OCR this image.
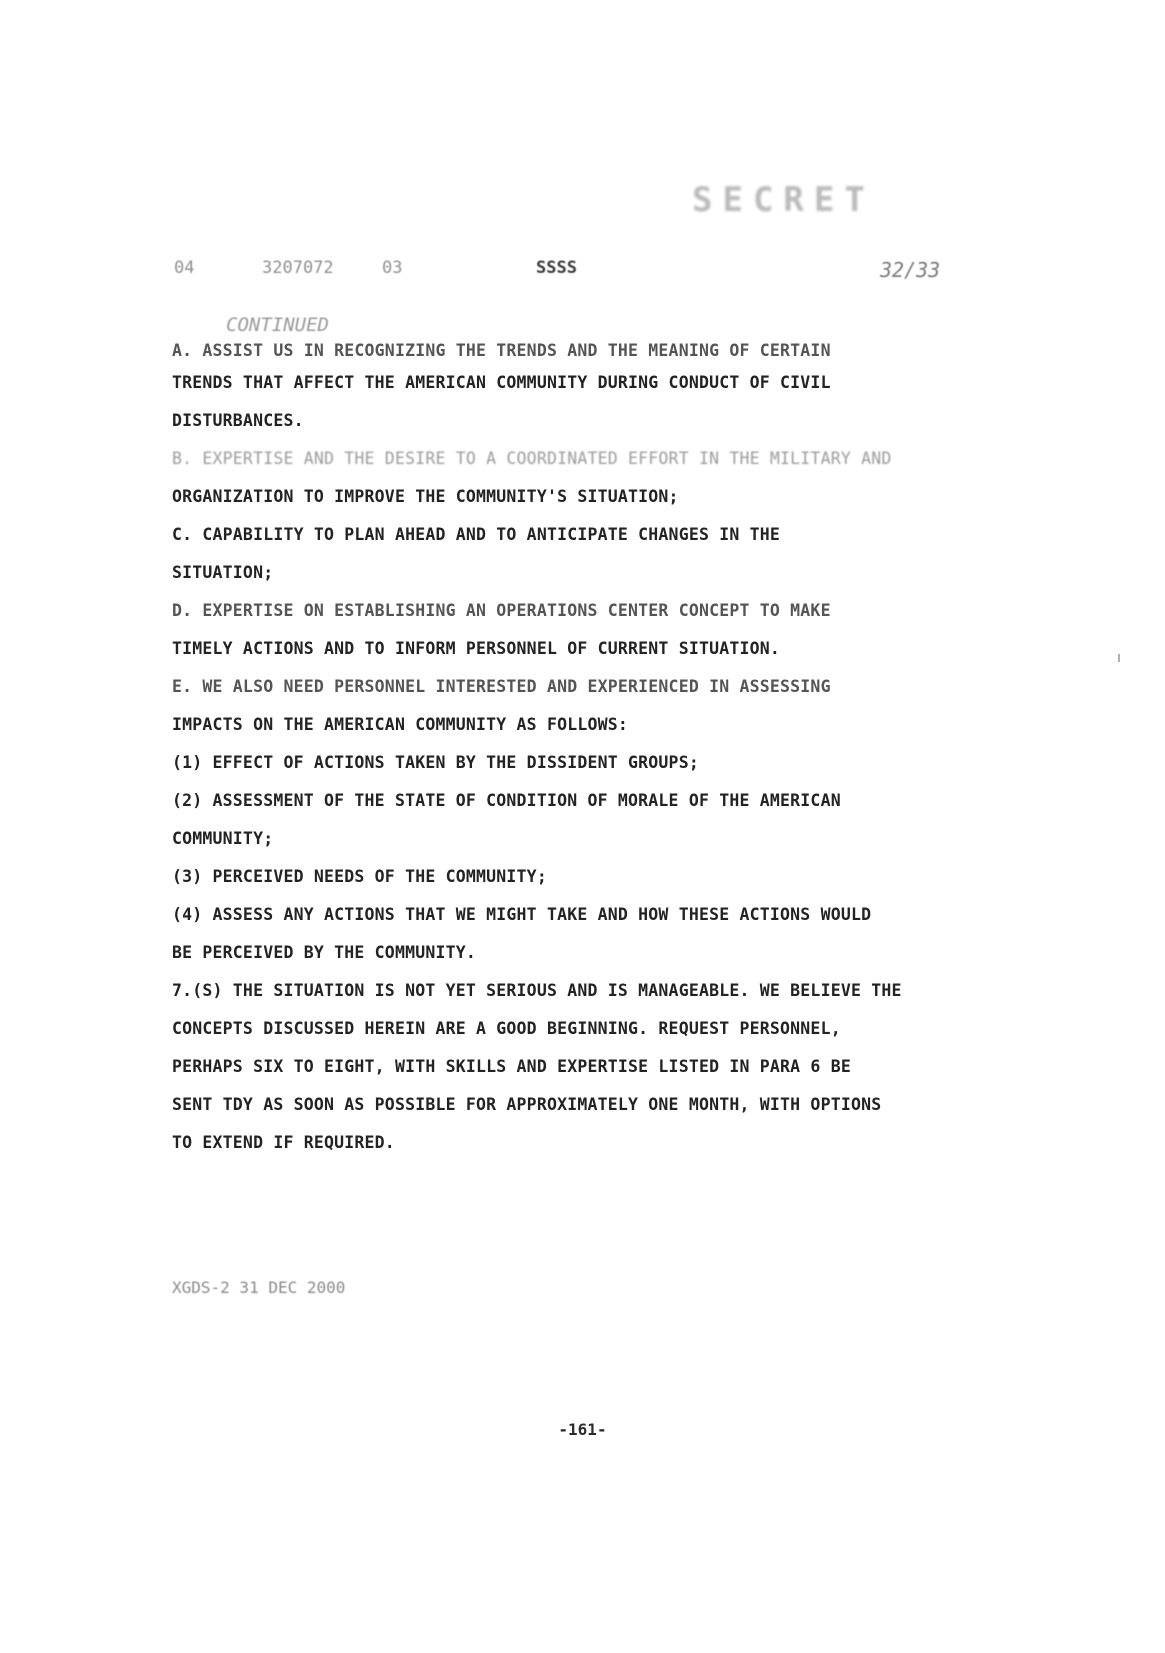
SECRET
04	3207072	03	SSSS	32/33
CONTINUED
A. ASSIST US IN RECOGNIZING THE TRENDS AND THE MEANING OF CERTAIN
TRENDS THAT AFFECT THE AMERICAN COMMUNITY DURING CONDUCT OF CIVIL
DISTURBANCES.
B. EXPERTISE AND THE DESIRE TO A COORDINATED EFFORT IN THE MILITARY AND
ORGANIZATION TO IMPROVE THE COMMUNITY'S SITUATION;
C. CAPABILITY TO PLAN AHEAD AND TO ANTICIPATE CHANGES IN THE
SITUATION;
D. EXPERTISE ON ESTABLISHING AN OPERATIONS CENTER CONCEPT TO MAKE
TIMELY ACTIONS AND TO INFORM PERSONNEL OF CURRENT SITUATION.
E. WE ALSO NEED PERSONNEL INTERESTED AND EXPERIENCED IN ASSESSING
IMPACTS ON THE AMERICAN COMMUNITY AS FOLLOWS:
(1) EFFECT OF ACTIONS TAKEN BY THE DISSIDENT GROUPS;
(2) ASSESSMENT OF THE STATE OF CONDITION OF MORALE OF THE AMERICAN
COMMUNITY;
(3) PERCEIVED NEEDS OF THE COMMUNITY;
(4) ASSESS ANY ACTIONS THAT WE MIGHT TAKE AND HOW THESE ACTIONS WOULD
BE PERCEIVED BY THE COMMUNITY.
7.(S) THE SITUATION IS NOT YET SERIOUS AND IS MANAGEABLE. WE BELIEVE THE
CONCEPTS DISCUSSED HEREIN ARE A GOOD BEGINNING. REQUEST PERSONNEL,
PERHAPS SIX TO EIGHT, WITH SKILLS AND EXPERTISE LISTED IN PARA 6 BE
SENT TDY AS SOON AS POSSIBLE FOR APPROXIMATELY ONE MONTH, WITH OPTIONS
TO EXTEND IF REQUIRED.
XGDS-2 31 DEC 2000
-161-
